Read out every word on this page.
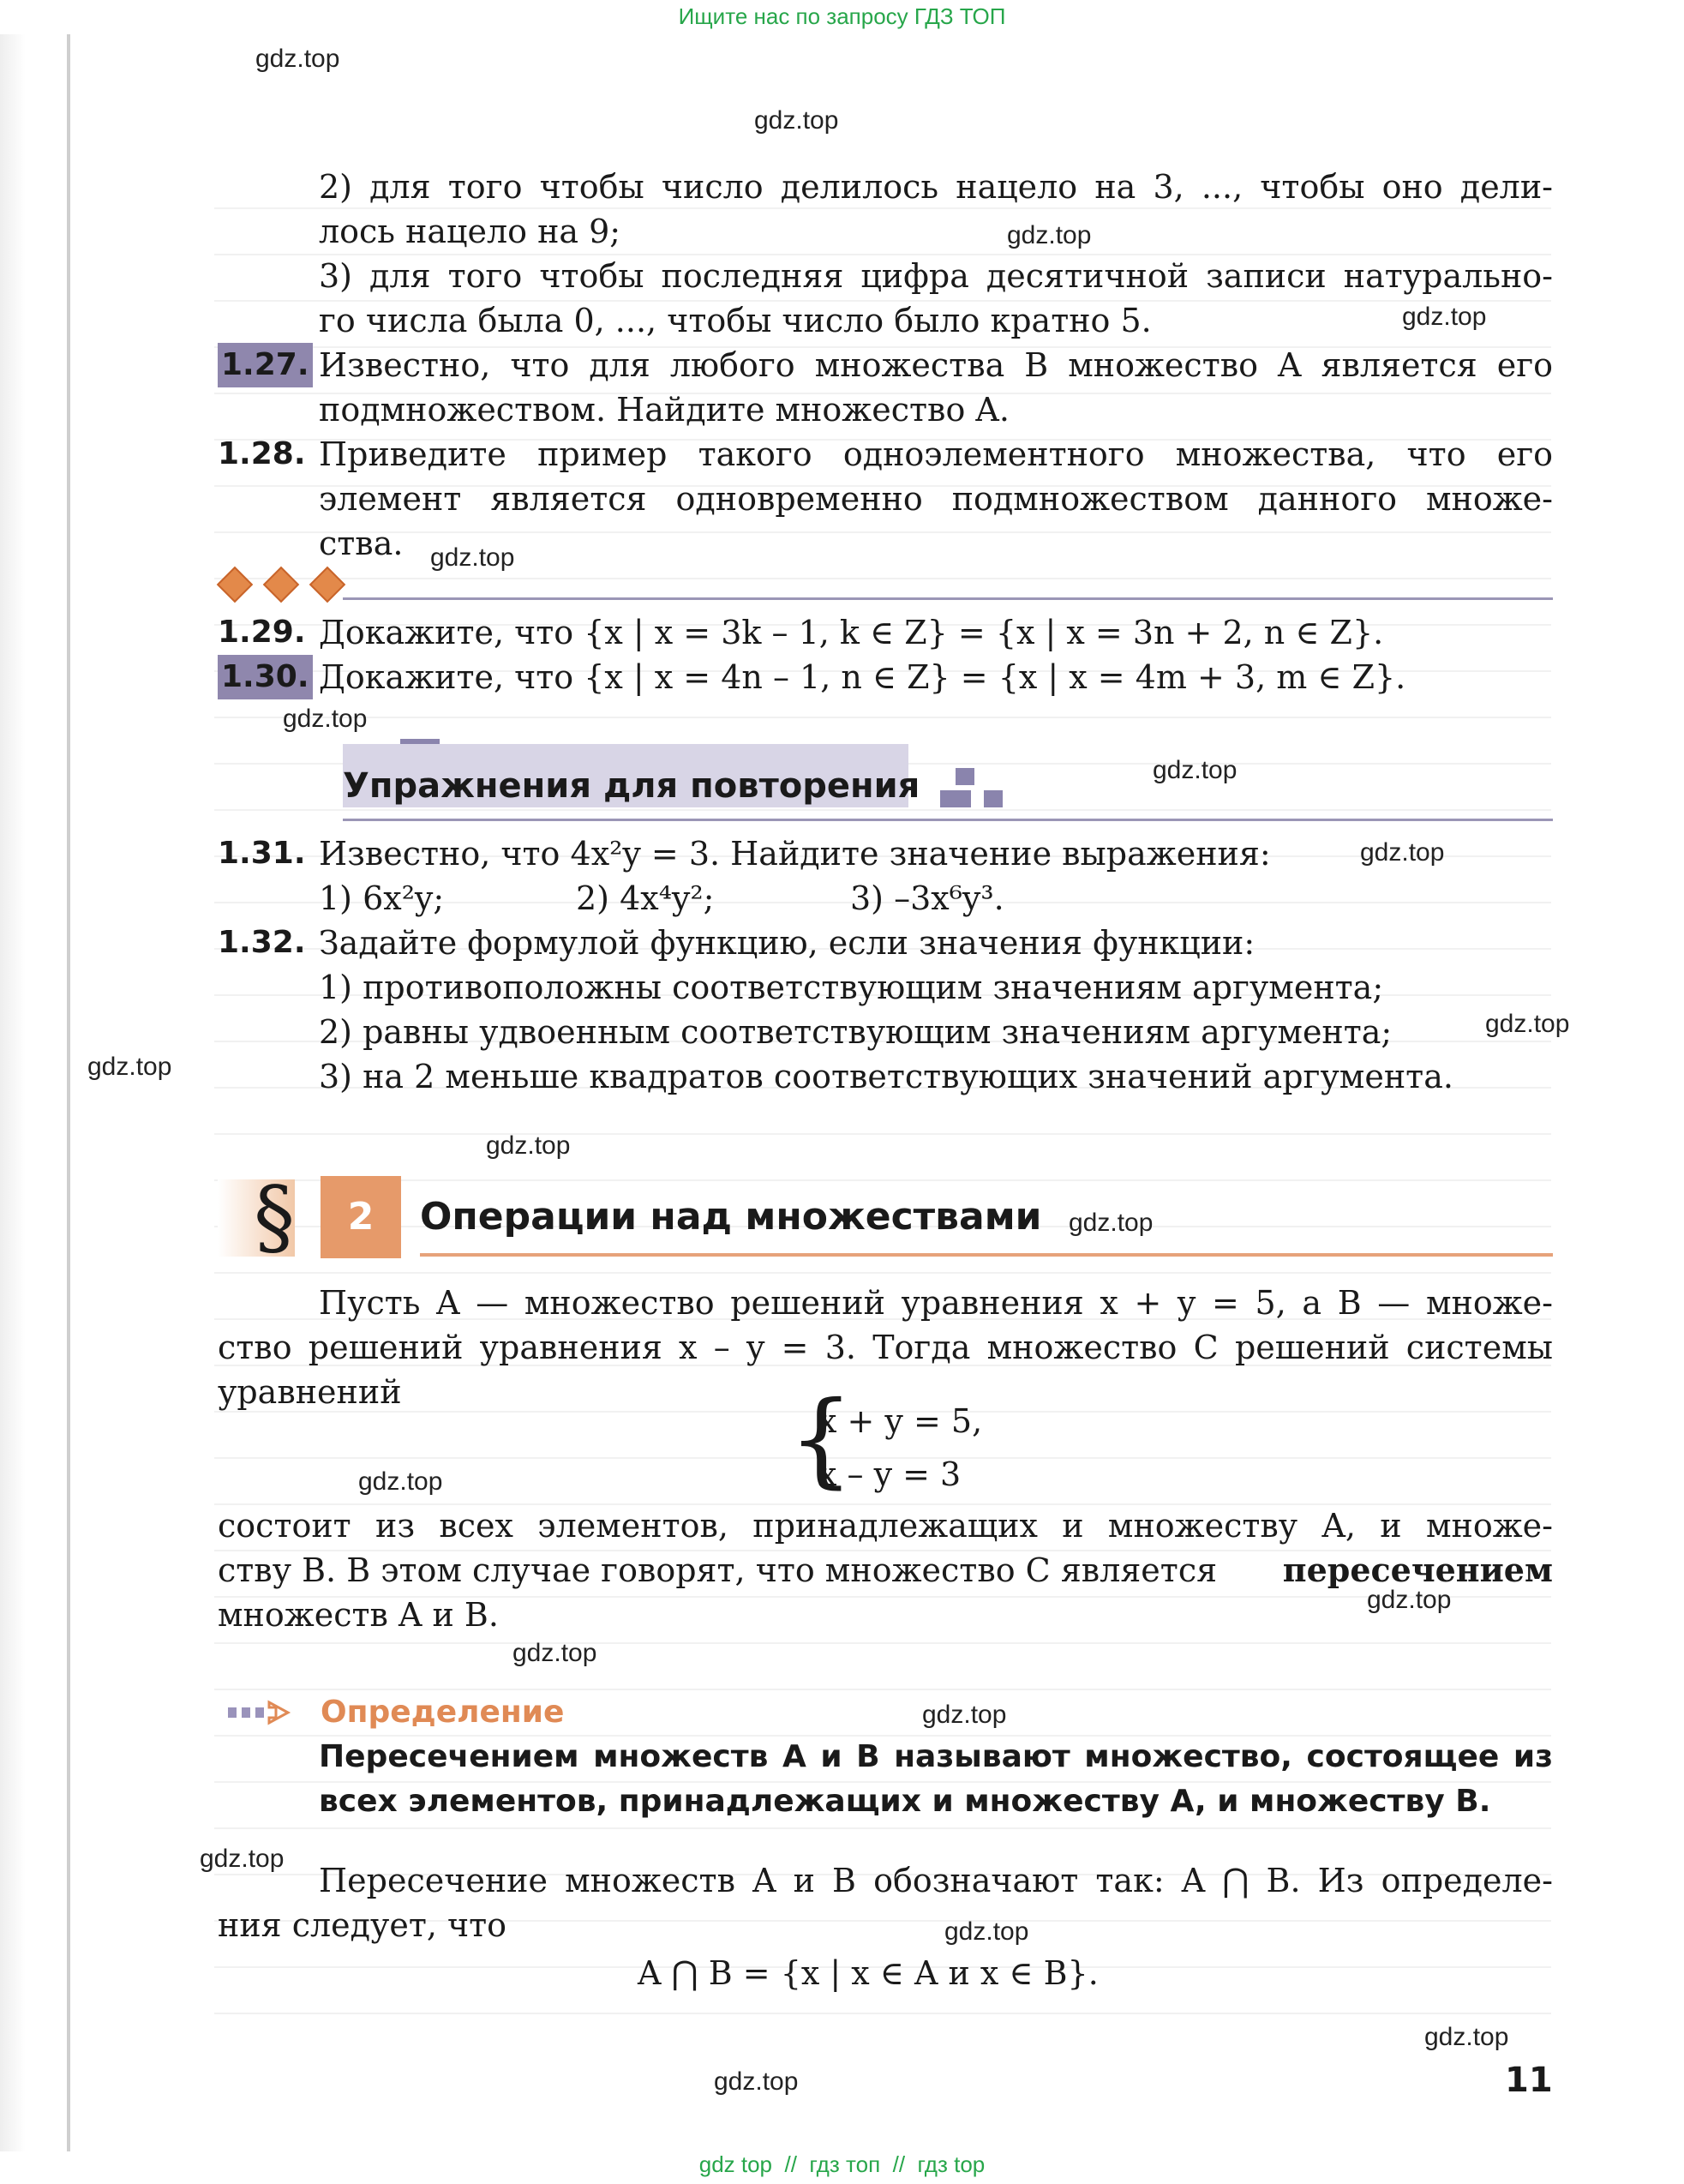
Ищите нас по запросу ГДЗ ТОП
gdz.top
gdz.top
gdz.top
gdz.top
gdz.top
gdz.top
gdz.top
gdz.top
gdz.top
gdz.top
gdz.top
gdz.top
gdz.top
gdz.top
gdz.top
gdz.top
gdz.top
gdz.top
gdz.top
gdz.top
2) для того чтобы число делилось нацело на 3, ..., чтобы оно дели-
лось нацело на 9;
3) для того чтобы последняя цифра десятичной записи натурально-
го числа была 0, ..., чтобы число было кратно 5.
1.27. Известно, что для любого множества B множество A является его
подмножеством. Найдите множество A.
1.28. Приведите пример такого одноэлементного множества, что его
элемент является одновременно подмножеством данного множе-
ства.
1.29. Докажите, что {x | x = 3k – 1, k ∈ Z} = {x | x = 3n + 2, n ∈ Z}.
1.30. Докажите, что {x | x = 4n – 1, n ∈ Z} = {x | x = 4m + 3, m ∈ Z}.
Упражнения для повторения
1.31. Известно, что 4x²y = 3. Найдите значение выражения:
1) 6x²y;	2) 4x⁴y²;	3) –3x⁶y³.
1.32. Задайте формулой функцию, если значения функции:
1) противоположны соответствующим значениям аргумента;
2) равны удвоенным соответствующим значениям аргумента;
3) на 2 меньше квадратов соответствующих значений аргумента.
§	2	Операции над множествами
Пусть A — множество решений уравнения x + y = 5, а B — множе-
ство решений уравнения x – y = 3. Тогда множество C решений системы
уравнений	{
x + y = 5,
x – y = 3
состоит из всех элементов, принадлежащих и множеству A, и множе-
ству B. В этом случае говорят, что множество C является пересечением
множеств A и B.
Определение
Пересечением множеств A и B называют множество, состоящее из
всех элементов, принадлежащих и множеству A, и множеству B.
Пересечение множеств A и B обозначают так: A ⋂ B. Из определе-
ния следует, что
A ⋂ B = {x | x ∈ A и x ∈ B}.
11
gdz top  //  гдз топ  //  гдз top
